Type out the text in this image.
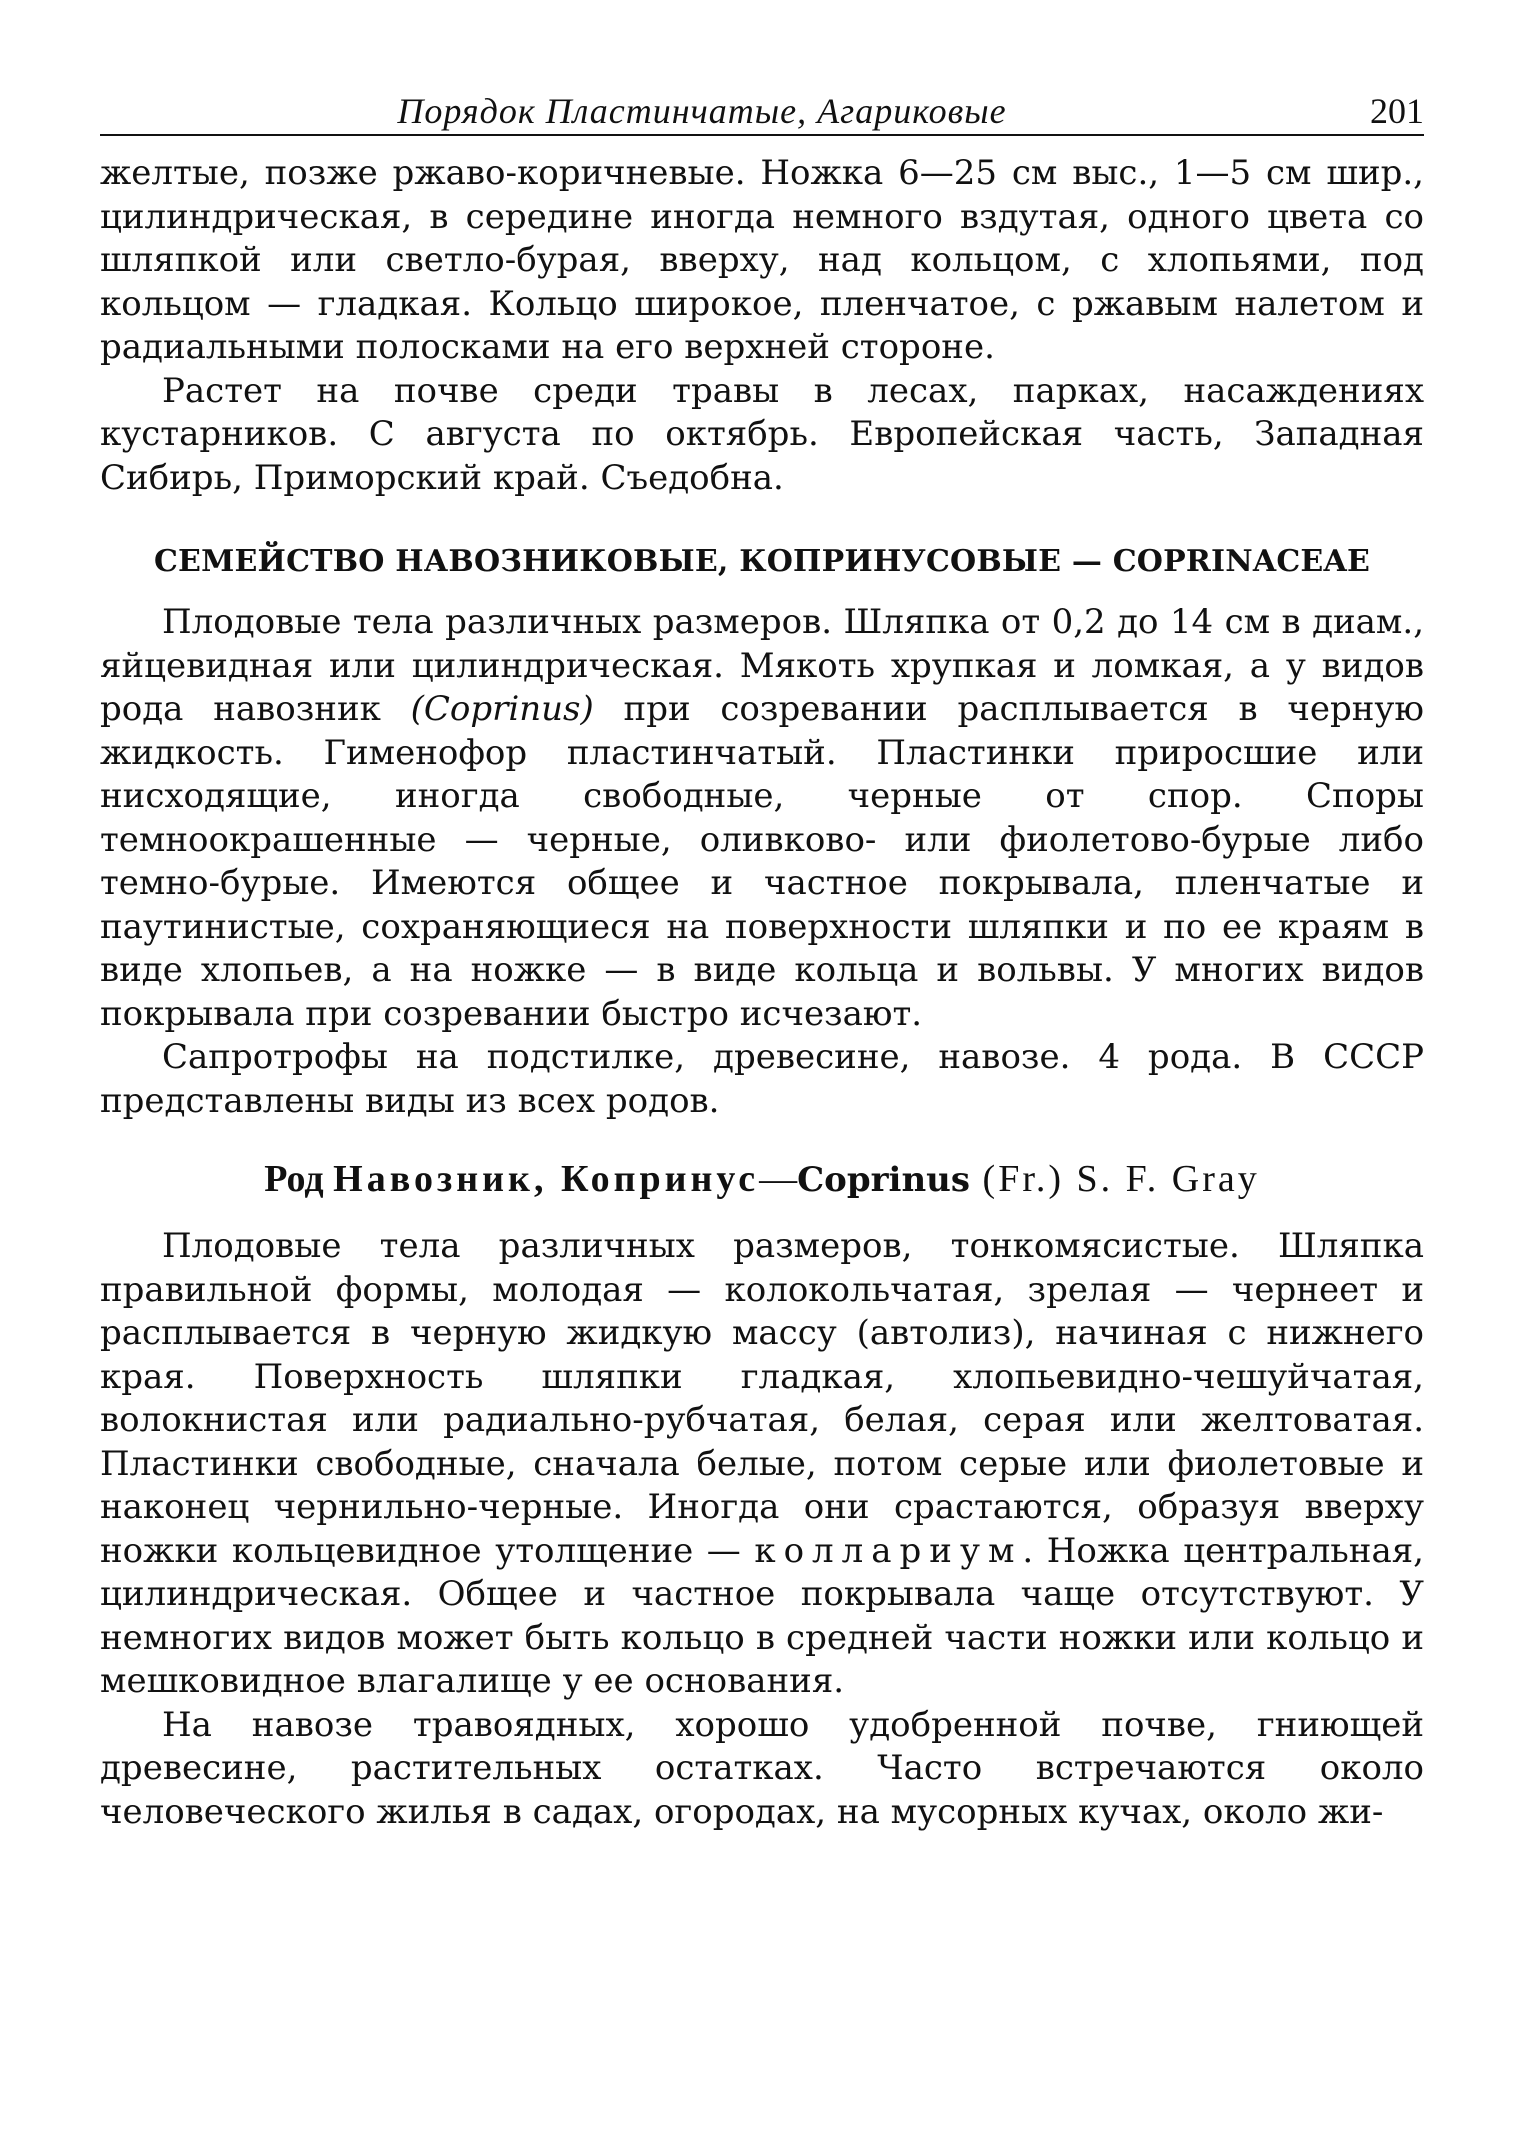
Порядок Пластинчатые, Агариковые	201

желтые, позже ржаво-коричневые. Ножка 6—25 см выс., 1—5 см шир., цилиндрическая, в середине иногда немного вздутая, одного цвета со шляпкой или светло-бурая, вверху, над кольцом, с хлопьями, под кольцом — гладкая. Кольцо широкое, пленчатое, с ржавым налетом и радиальными полосками на его верхней стороне.

Растет на почве среди травы в лесах, парках, насаждениях кустарников. С августа по октябрь. Европейская часть, Западная Сибирь, Приморский край. Съедобна.

СЕМЕЙСТВО НАВОЗНИКОВЫЕ, КОПРИНУСОВЫЕ — COPRINACEAE

Плодовые тела различных размеров. Шляпка от 0,2 до 14 см в диам., яйцевидная или цилиндрическая. Мякоть хрупкая и ломкая, а у видов рода навозник (Coprinus) при созревании расплывается в черную жидкость. Гименофор пластинчатый. Пластинки приросшие или нисходящие, иногда свободные, черные от спор. Споры темноокрашенные — черные, оливково- или фиолетово-бурые либо темно-бурые. Имеются общее и частное покрывала, пленчатые и паутинистые, сохраняющиеся на поверхности шляпки и по ее краям в виде хлопьев, а на ножке — в виде кольца и вольвы. У многих видов покрывала при созревании быстро исчезают.

Сапротрофы на подстилке, древесине, навозе. 4 рода. В СССР представлены виды из всех родов.

Род Навозник, Копринус—Coprinus (Fr.) S. F. Gray

Плодовые тела различных размеров, тонкомясистые. Шляпка правильной формы, молодая — колокольчатая, зрелая — чернеет и расплывается в черную жидкую массу (автолиз), начиная с нижнего края. Поверхность шляпки гладкая, хлопьевидно-чешуйчатая, волокнистая или радиально-рубчатая, белая, серая или желтоватая. Пластинки свободные, сначала белые, потом серые или фиолетовые и наконец чернильно-черные. Иногда они срастаются, образуя вверху ножки кольцевидное утолщение — коллариум. Ножка центральная, цилиндрическая. Общее и частное покрывала чаще отсутствуют. У немногих видов может быть кольцо в средней части ножки или кольцо и мешковидное влагалище у ее основания.

На навозе травоядных, хорошо удобренной почве, гниющей древесине, растительных остатках. Часто встречаются около человеческого жилья в садах, огородах, на мусорных кучах, около жи-
